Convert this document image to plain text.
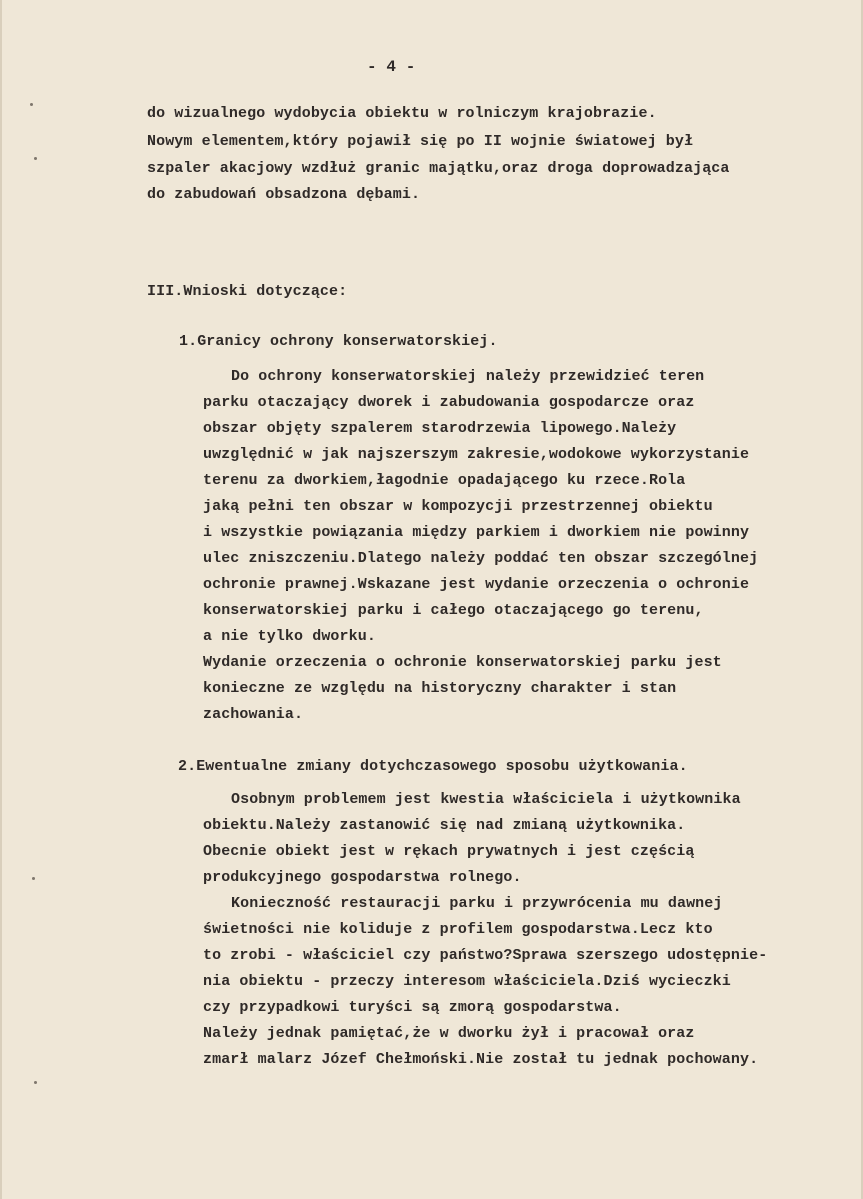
- 4 -
do wizualnego wydobycia obiektu w rolniczym krajobrazie.
Nowym elementem,który pojawił się po II wojnie światowej był
szpaler akacjowy wzdłuż granic majątku,oraz droga doprowadzająca
do zabudowań obsadzona dębami.
III.Wnioski dotyczące:
1.Granicy ochrony konserwatorskiej.
Do ochrony konserwatorskiej należy przewidzieć teren
parku otaczający dworek i zabudowania gospodarcze oraz
obszar objęty szpalerem starodrzewia lipowego.Należy
uwzględnić w jak najszerszym zakresie,wodokowe wykorzystanie
terenu za dworkiem,łagodnie opadającego ku rzece.Rola
jaką pełni ten obszar w kompozycji przestrzennej obiektu
i wszystkie powiązania między parkiem i dworkiem nie powinny
ulec zniszczeniu.Dlatego należy poddać ten obszar szczególnej
ochronie prawnej.Wskazane jest wydanie orzeczenia o ochronie
konserwatorskiej parku i całego otaczającego go terenu,
a nie tylko dworku.
Wydanie orzeczenia o ochronie konserwatorskiej parku jest
konieczne ze względu na historyczny charakter i stan
zachowania.
2.Ewentualne zmiany dotychczasowego sposobu użytkowania.
Osobnym problemem jest kwestia właściciela i użytkownika
obiektu.Należy zastanowić się nad zmianą użytkownika.
Obecnie obiekt jest w rękach prywatnych i jest częścią
produkcyjnego gospodarstwa rolnego.
Konieczność restauracji parku i przywrócenia mu dawnej
świetności nie koliduje z profilem gospodarstwa.Lecz kto
to zrobi - właściciel czy państwo?Sprawa szerszego udostępnie-
nia obiektu - przeczy interesom właściciela.Dziś wycieczki
czy przypadkowi turyści są zmorą gospodarstwa.
Należy jednak pamiętać,że w dworku żył i pracował oraz
zmarł malarz Józef Chełmoński.Nie został tu jednak pochowany.
